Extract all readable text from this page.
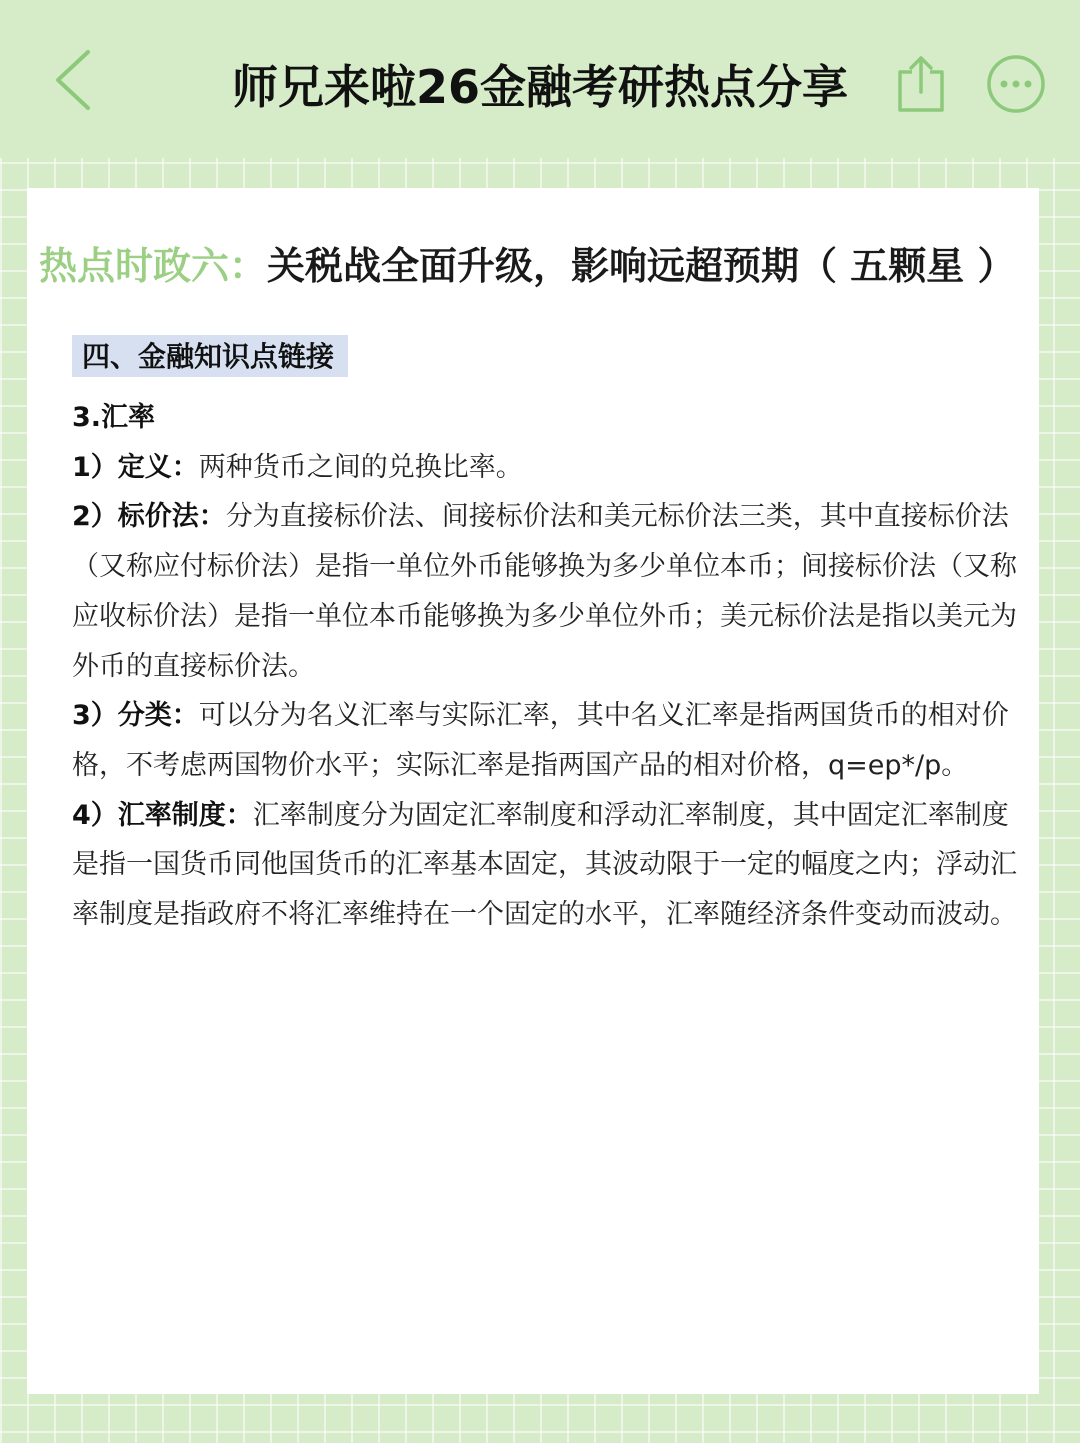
师兄来啦26金融考研热点分享
热点时政六：关税战全面升级，影响远超预期（ 五颗星 ）
四、金融知识点链接

3.汇率

1）定义：两种货币之间的兑换比率。

2）标价法：分为直接标价法、间接标价法和美元标价法三类，其中直接标价法（又称应付标价法）是指一单位外币能够换为多少单位本币；间接标价法（又称应收标价法）是指一单位本币能够换为多少单位外币；美元标价法是指以美元为外币的直接标价法。

3）分类：可以分为名义汇率与实际汇率，其中名义汇率是指两国货币的相对价格，不考虑两国物价水平；实际汇率是指两国产品的相对价格，q=ep*/p。

4）汇率制度：汇率制度分为固定汇率制度和浮动汇率制度，其中固定汇率制度是指一国货币同他国货币的汇率基本固定，其波动限于一定的幅度之内；浮动汇率制度是指政府不将汇率维持在一个固定的水平，汇率随经济条件变动而波动。
